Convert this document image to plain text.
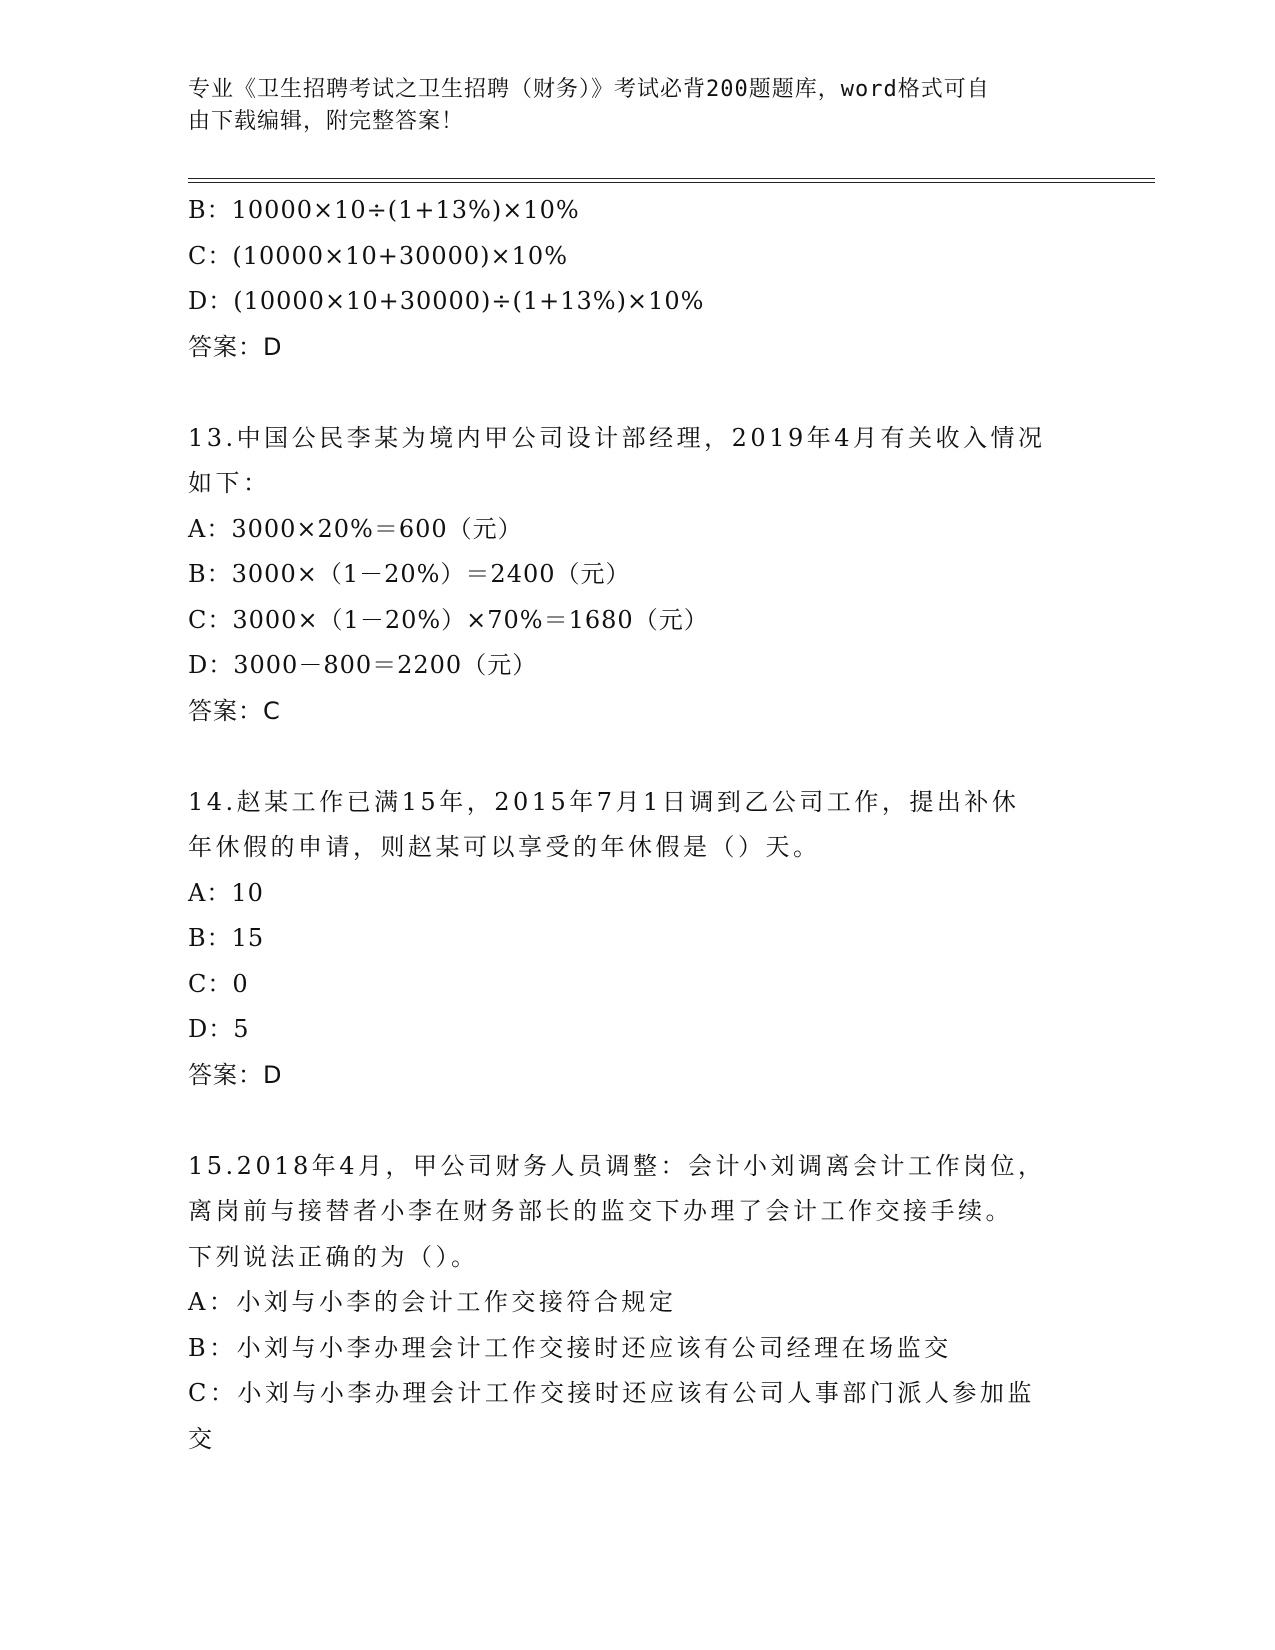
专业《卫生招聘考试之卫生招聘（财务）》考试必背200题题库，word格式可自
由下载编辑，附完整答案！
B：10000×10÷(1+13%)×10%
C：(10000×10+30000)×10%
D：(10000×10+30000)÷(1+13%)×10%
答案：D
13.中国公民李某为境内甲公司设计部经理，2019年4月有关收入情况
如下：
A：3000×20%＝600（元）
B：3000×（1－20%）＝2400（元）
C：3000×（1－20%）×70%＝1680（元）
D：3000－800＝2200（元）
答案：C
14.赵某工作已满15年，2015年7月1日调到乙公司工作，提出补休
年休假的申请，则赵某可以享受的年休假是（）天。
A：10
B：15
C：0
D：5
答案：D
15.2018年4月，甲公司财务人员调整：会计小刘调离会计工作岗位，
离岗前与接替者小李在财务部长的监交下办理了会计工作交接手续。
下列说法正确的为（）。
A：小刘与小李的会计工作交接符合规定
B：小刘与小李办理会计工作交接时还应该有公司经理在场监交
C：小刘与小李办理会计工作交接时还应该有公司人事部门派人参加监
交
